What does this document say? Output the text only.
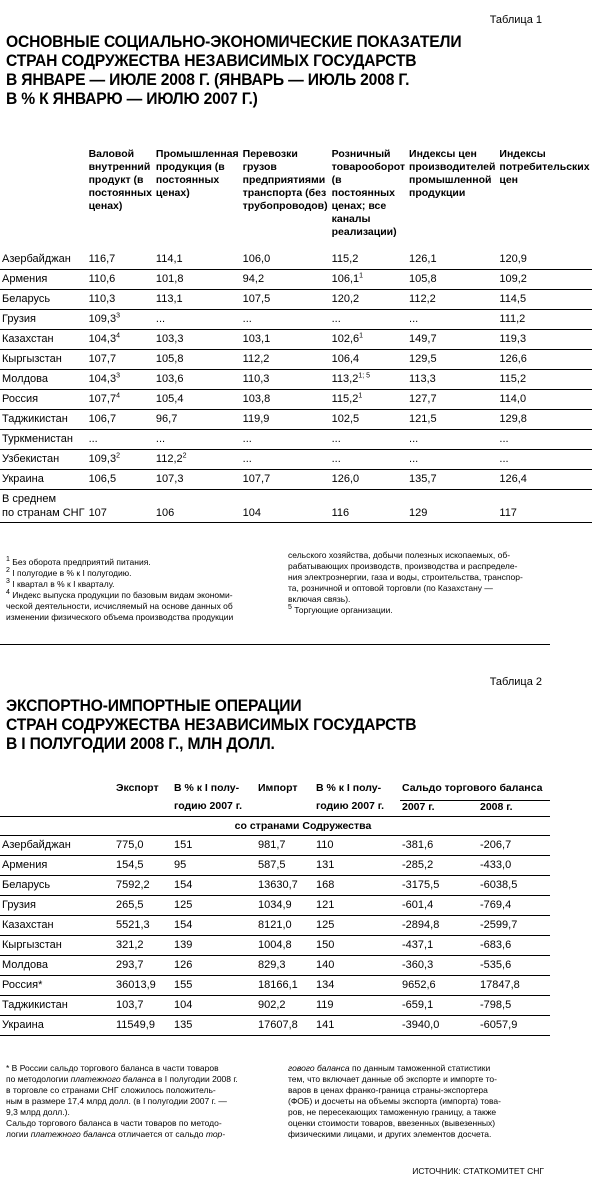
Таблица 1
ОСНОВНЫЕ СОЦИАЛЬНО-ЭКОНОМИЧЕСКИЕ ПОКАЗАТЕЛИ
СТРАН СОДРУЖЕСТВА НЕЗАВИСИМЫХ ГОСУДАРСТВ
В ЯНВАРЕ — ИЮЛЕ 2008 Г. (ЯНВАРЬ — ИЮЛЬ 2008 Г.
В % К ЯНВАРЮ — ИЮЛЮ 2007 Г.)
	Валовой внутренний продукт (в постоянных ценах)	Промышленная продукция (в постоянных ценах)	Перевозки грузов предприятиями транспорта (без трубопроводов)	Розничный товарооборот (в постоянных ценах; все каналы реализации)	Индексы цен производителей промышленной продукции	Индексы потребительских цен
Азербайджан	116,7	114,1	106,0	115,2	126,1	120,9
Армения	110,6	101,8	94,2	106,1$^1$	105,8	109,2
Беларусь	110,3	113,1	107,5	120,2	112,2	114,5
Грузия	109,3$^3$	...	...	...	...	111,2
Казахстан	104,3$^4$	103,3	103,1	102,6$^1$	149,7	119,3
Кыргызстан	107,7	105,8	112,2	106,4	129,5	126,6
Молдова	104,3$^3$	103,6	110,3	113,2$^{1; 5}$	113,3	115,2
Россия	107,7$^4$	105,4	103,8	115,2$^1$	127,7	114,0
Таджикистан	106,7	96,7	119,9	102,5	121,5	129,8
Туркменистан	...	...	...	...	...	...
Узбекистан	109,3$^2$	112,2$^2$	...	...	...	...
Украина	106,5	107,3	107,7	126,0	135,7	126,4

В среднем
по странам СНГ	107	106	104	116	129	117
$^1$ Без оборота предприятий питания.
$^2$ I полугодие в % к I полугодию.
$^3$ I квартал в % к I кварталу.
$^4$ Индекс выпуска продукции по базовым видам экономи-
ческой деятельности, исчисляемый на основе данных об
изменении физического объема производства продукции
сельского хозяйства, добычи полезных ископаемых, об-
рабатывающих производств, производства и распределе-
ния электроэнергии, газа и воды, строительства, транспор-
та, розничной и оптовой торговли (по Казахстану —
включая связь).
$^5$ Торгующие организации.
Таблица 2
ЭКСПОРТНО-ИМПОРТНЫЕ ОПЕРАЦИИ
СТРАН СОДРУЖЕСТВА НЕЗАВИСИМЫХ ГОСУДАРСТВ
В I ПОЛУГОДИИ 2008 Г., МЛН ДОЛЛ.
	Экспорт	В % к I полу-	Импорт	В % к I полу-	Сальдо торгового баланса	
		годию 2007 г.		годию 2007 г.	2007 г.	2008 г.
	со странами Содружества					
Азербайджан	775,0	151	981,7	110	-381,6	-206,7
Армения	154,5	95	587,5	131	-285,2	-433,0
Беларусь	7592,2	154	13630,7	168	-3175,5	-6038,5
Грузия	265,5	125	1034,9	121	-601,4	-769,4
Казахстан	5521,3	154	8121,0	125	-2894,8	-2599,7
Кыргызстан	321,2	139	1004,8	150	-437,1	-683,6
Молдова	293,7	126	829,3	140	-360,3	-535,6
Россия*	36013,9	155	18166,1	134	9652,6	17847,8
Таджикистан	103,7	104	902,2	119	-659,1	-798,5
Украина	11549,9	135	17607,8	141	-3940,0	-6057,9
* В России сальдо торгового баланса в части товаров
по методологии платежного баланса в I полугодии 2008 г.
в торговле со странами СНГ сложилось положитель-
ным в размере 17,4 млрд долл. (в I полугодии 2007 г. —
9,3 млрд долл.).
Сальдо торгового баланса в части товаров по методо-
логии платежного баланса отличается от сальдо тор-
гового баланса по данным таможенной статистики
тем, что включает данные об экспорте и импорте то-
варов в ценах франко-граница страны-экспортера
(ФОБ) и досчеты на объемы экспорта (импорта) това-
ров, не пересекающих таможенную границу, а также
оценки стоимости товаров, ввезенных (вывезенных)
физическими лицами, и других элементов досчета.
ИСТОЧНИК: СТАТКОМИТЕТ СНГ
